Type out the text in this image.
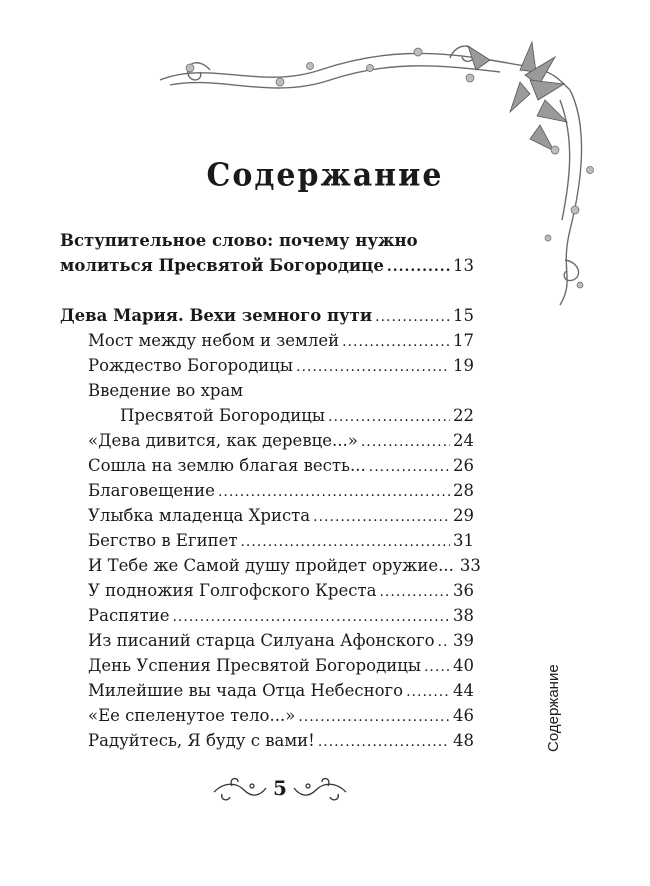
Содержание
Вступительное слово: почему нужно
молиться Пресвятой Богородице .....	13
Дева Мария. Вехи земного пути .....	15
Мост между небом и землей .....	17
Рождество Богородицы .....	19
Введение во храм
Пресвятой Богородицы .....	22
«Дева дивится, как деревце...» .....	24
Сошла на землю благая весть... .....	26
Благовещение .....	28
Улыбка младенца Христа .....	29
Бегство в Египет .....	31
И Тебе же Самой душу пройдет оружие... 33
У подножия Голгофского Креста .....	36
Распятие .....	38
Из писаний старца Силуана Афонского ..... 39
День Успения Пресвятой Богородицы ..... 40
Милейшие вы чада Отца Небесного .....	44
«Ее спеленутое тело...» .....	46
Радуйтесь, Я буду с вами! .....	48	Содержание
5
